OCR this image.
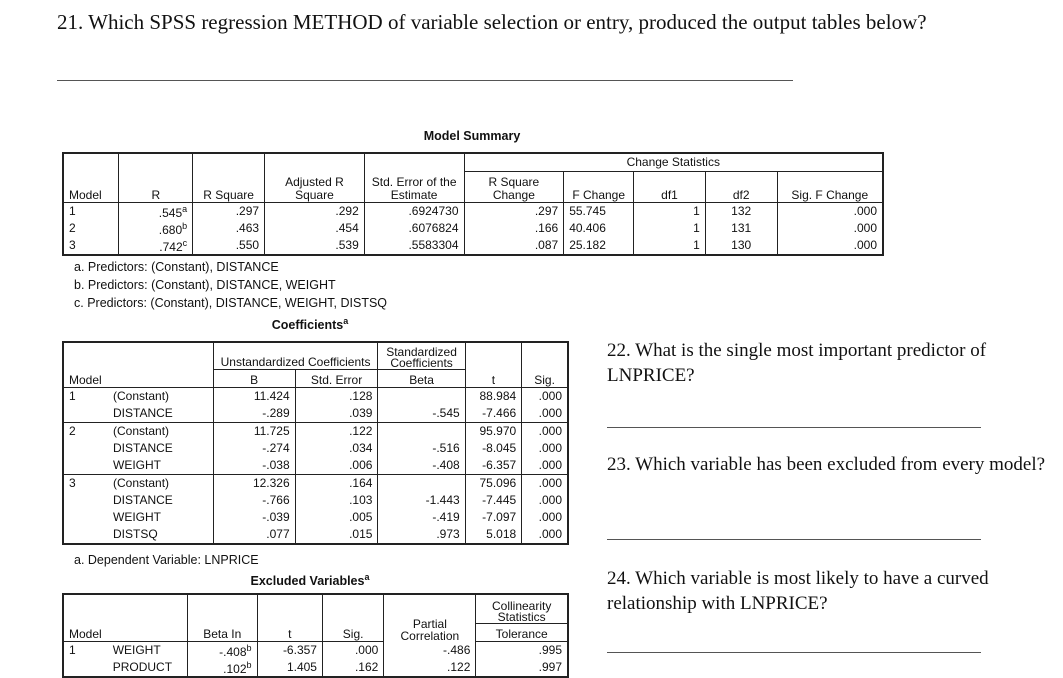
21. Which SPSS regression METHOD of variable selection or entry, produced the output tables below?
Model Summary
					Change Statistics				
Model	R	R Square	Adjusted R Square	Std. Error of the Estimate	R Square Change	F Change	df1	df2	Sig. F Change
1	.545$^a$	.297	.292	.6924730	.297	55.745	1	132	.000
2	.680$^b$	.463	.454	.6076824	.166	40.406	1	131	.000
3	.742$^c$	.550	.539	.5583304	.087	25.182	1	130	.000
a. Predictors: (Constant), DISTANCE
b. Predictors: (Constant), DISTANCE, WEIGHT
c. Predictors: (Constant), DISTANCE, WEIGHT, DISTSQ
Coefficients$^a$
		Unstandardized Coefficients		Standardized Coefficients		
Model		B	Std. Error	Beta	t	Sig.
1	(Constant)	11.424	.128		88.984	.000
	DISTANCE	-.289	.039	-.545	-7.466	.000
2	(Constant)	11.725	.122		95.970	.000
	DISTANCE	-.274	.034	-.516	-8.045	.000
	WEIGHT	-.038	.006	-.408	-6.357	.000
3	(Constant)	12.326	.164		75.096	.000
	DISTANCE	-.766	.103	-1.443	-7.445	.000
	WEIGHT	-.039	.005	-.419	-7.097	.000
	DISTSQ	.077	.015	.973	5.018	.000
a. Dependent Variable: LNPRICE
Excluded Variables$^a$
					Partial Correlation	Collinearity Statistics
Model		Beta In	t	Sig.		Tolerance
1	WEIGHT	-.408$^b$	-6.357	.000	-.486	.995
	PRODUCT	.102$^b$	1.405	.162	.122	.997
22. What is the single most important predictor of LNPRICE?
23. Which variable has been excluded from every model?
24. Which variable is most likely to have a curved relationship with LNPRICE?
